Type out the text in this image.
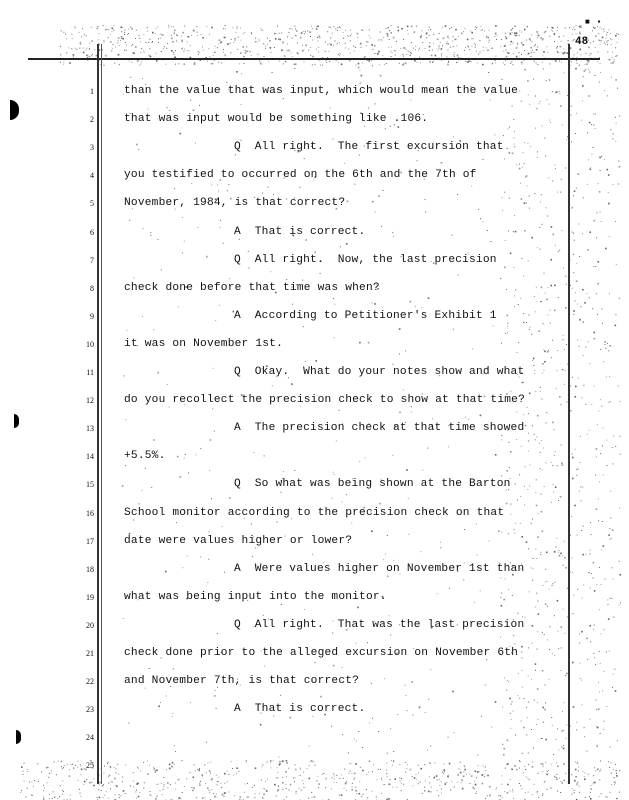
■ ▪
48
1	than the value that was input, which would mean the value
2	that was input would be something like .106.
3	Q  All right.  The first excursion that
4	you testified to occurred on the 6th and the 7th of
5	November, 1984, is that correct?
6	A  That is correct.
7	Q  All right.  Now, the last precision
8	check done before that time was when?
9	A  According to Petitioner's Exhibit 1
10	it was on November 1st.
11	Q  Okay.  What do your notes show and what
12	do you recollect the precision check to show at that time?
13	A  The precision check at that time showed
14	+5.5%.
15	Q  So what was being shown at the Barton
16	School monitor according to the precision check on that
17	date were values higher or lower?
18	A  Were values higher on November 1st than
19	what was being input into the monitor.
20	Q  All right.  That was the last precision
21	check done prior to the alleged excursion on November 6th
22	and November 7th, is that correct?
23	A  That is correct.
24
25
